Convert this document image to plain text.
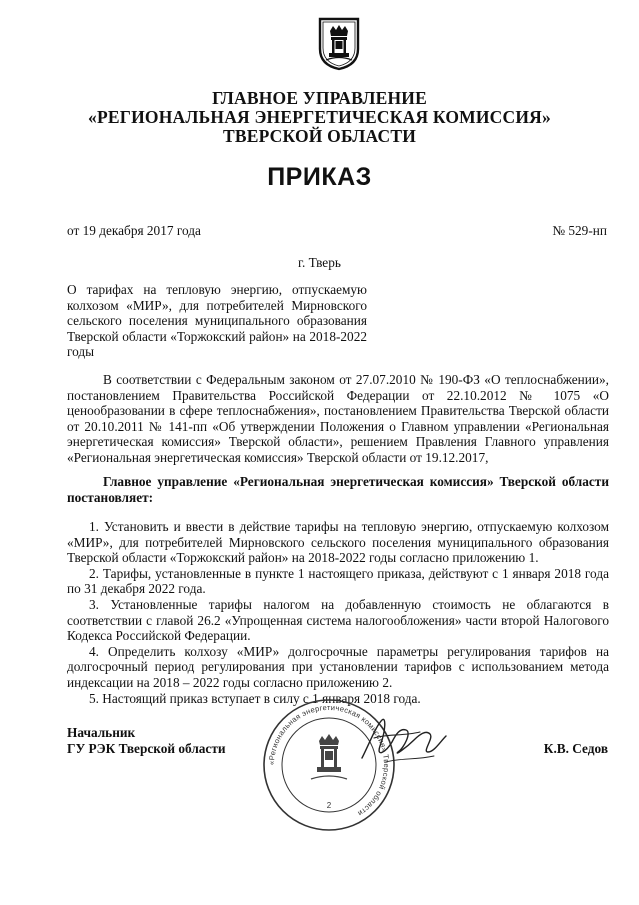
ГЛАВНОЕ УПРАВЛЕНИЕ
«РЕГИОНАЛЬНАЯ ЭНЕРГЕТИЧЕСКАЯ КОМИССИЯ»
ТВЕРСКОЙ ОБЛАСТИ
ПРИКАЗ
от 19 декабря 2017 года	№ 529-нп
г. Тверь
О тарифах на тепловую энергию, отпускаемую колхозом «МИР», для потребителей Мирновского сельского поселения муниципального образования Тверской области «Торжокский район» на 2018-2022 годы
В соответствии с Федеральным законом от 27.07.2010 № 190-ФЗ «О теплоснабжении», постановлением Правительства Российской Федерации от 22.10.2012 № 1075 «О ценообразовании в сфере теплоснабжения», постановлением Правительства Тверской области от 20.10.2011 № 141-пп «Об утверждении Положения о Главном управлении «Региональная энергетическая комиссия» Тверской области», решением Правления Главного управления «Региональная энергетическая комиссия» Тверской области от 19.12.2017,
Главное управление «Региональная энергетическая комиссия» Тверской области постановляет:

1. Установить и ввести в действие тарифы на тепловую энергию, отпускаемую колхозом «МИР», для потребителей Мирновского сельского поселения муниципального образования Тверской области «Торжокский район» на 2018-2022 годы согласно приложению 1.

2. Тарифы, установленные в пункте 1 настоящего приказа, действуют с 1 января 2018 года по 31 декабря 2022 года.

3. Установленные тарифы налогом на добавленную стоимость не облагаются в соответствии с главой 26.2 «Упрощенная система налогообложения» части второй Налогового Кодекса Российской Федерации.

4. Определить колхозу «МИР» долгосрочные параметры регулирования тарифов на долгосрочный период регулирования при установлении тарифов с использованием метода индексации на 2018 – 2022 годы согласно приложению 2.

5. Настоящий приказ вступает в силу с 1 января 2018 года.

Начальник
ГУ РЭК Тверской области	К.В. Седов
«Региональная энергетическая комиссия» Тверской области
2
